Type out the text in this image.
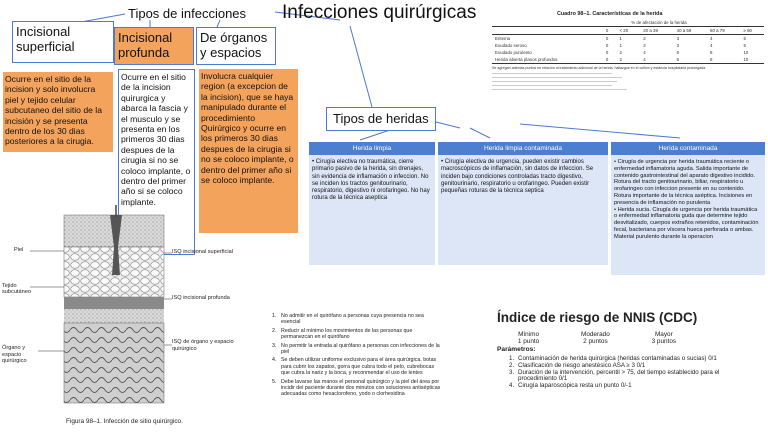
Infecciones quirúrgicas
Tipos de infecciones
Incisional superficial
Incisional profunda
De órganos y espacios
Ocurre en el sitio de la incision y solo involucra piel y tejido celular subcutaneo del sitio de la incisión y se presenta dentro de los 30 dias posteriores a la cirugia.
Ocurre en el sitio de la incision quirurgica y abarca la fascia y el musculo y se presenta en los primeros 30 dias despues de la cirugia si no se coloco implante, o dentro del primer año si se coloco implante.
Involucra cualquier region (a excepcion de la incision), que se haya manipulado durante el procedimiento Quirúrgico y ocurre en los primeros 30 dias despues de la cirugia si no se coloco implante, o dentro del primer año si se coloco implante.
Cuadro 98–1. Características de la herida
% de afectación de la herida
	0	< 20	20 a 39	40 a 59	60 a 79	≥ 80
Eritema	0	1	2	3	4	5
Exudado seroso	0	1	2	3	4	5
Exudado purulento	0	2	4	6	8	10
Herida abierta planos profundos	0	2	4	6	8	10
Se agregan además puntos en relación al tratamiento adicional de la herida, hallazgos en el cultivo y estancia hospitalaria prolongada.
Tipos de heridas
Herida limpia
• Cirugía electiva no traumática, cierre primario pasivo de la herida, sin drenajes, sin evidencia de inflamación o infeccion. No se inciden los tractos genitourinario, respiratorio, digestivo ni orofaringeo. No hay rotura de la técnica aseptica
Herida limpia contaminada
• Cirugía electiva de urgencia, pueden existir cambios macroscópicos de inflamación, sin datos de infeccion. Se inciden bajo condiciones controladas tracto digestivo, genitourinario, respiratorio u orofaringeo. Pueden existir pequeñas roturas de la técnica septica
Herida contaminada
• Cirugía de urgencia por herida traumática reciente o enfermedad inflamatoria aguda. Salida importante de contenido gastrointestinal del aparato digestivo incidido. Rotura del tracto genitourinario, biliar, respiratorio u orofaringeo con infeccion presente en su contenido. Rotura importante de la técnica aséptica. Incisiones en presencia de inflamación no purulenta
• Herida sucia. Cirugía de urgencia por herida traumática o enfermedad inflamatoria guda que determine tejido desvitalizado, cuerpos extraños retenidos, contaminación fecal, bacteriana por víscera hueca perforada o ambas. Material purulento durante la operacion
Piel
Tejido subcutáneo
Órgano y espacio quirúrgico
ISQ incisional superficial
ISQ incisional profunda
ISQ de órgano y espacio quirúrgico
Figura 98–1. Infección de sitio quirúrgico.
1. No admitir en el quirófano a personas cuya presencia no sea esencial
2. Reducir al mínimo los movimientos de las personas que permanezcan en el quirófano
3. No permitir la entrada al quirófano a personas con infecciones de la piel
4. Se deben utilizar uniforme exclusivo para el área quirúrgica, botas para cubrir los zapatos, gorra que cubra todo el pelo, cubrebocas que cubra la nariz y la boca, y reconmendar el uso de lentes
5. Debe lavarse las manos el personal quirúrgico y la piel del área por incidir del paciente durante dos minutos con soluciones antisépticas adecuadas como hexaclorofeno, yodo o clorhexidina
Índice de riesgo de NNIS (CDC)
Mínimo
1 punto
Moderado
2 puntos
Mayor
3 puntos
Parámetros:
1. Contaminación de herida quirúrgica (heridas contaminadas o sucias) 0/1
2. Clasificación de riesgo anestésico ASA ≥ 3 0/1
3. Duración de la intervención, percentil > 75, del tiempo establecido para el procedimiento 0/1
4. Cirugía laparoscópica resta un punto 0/-1
